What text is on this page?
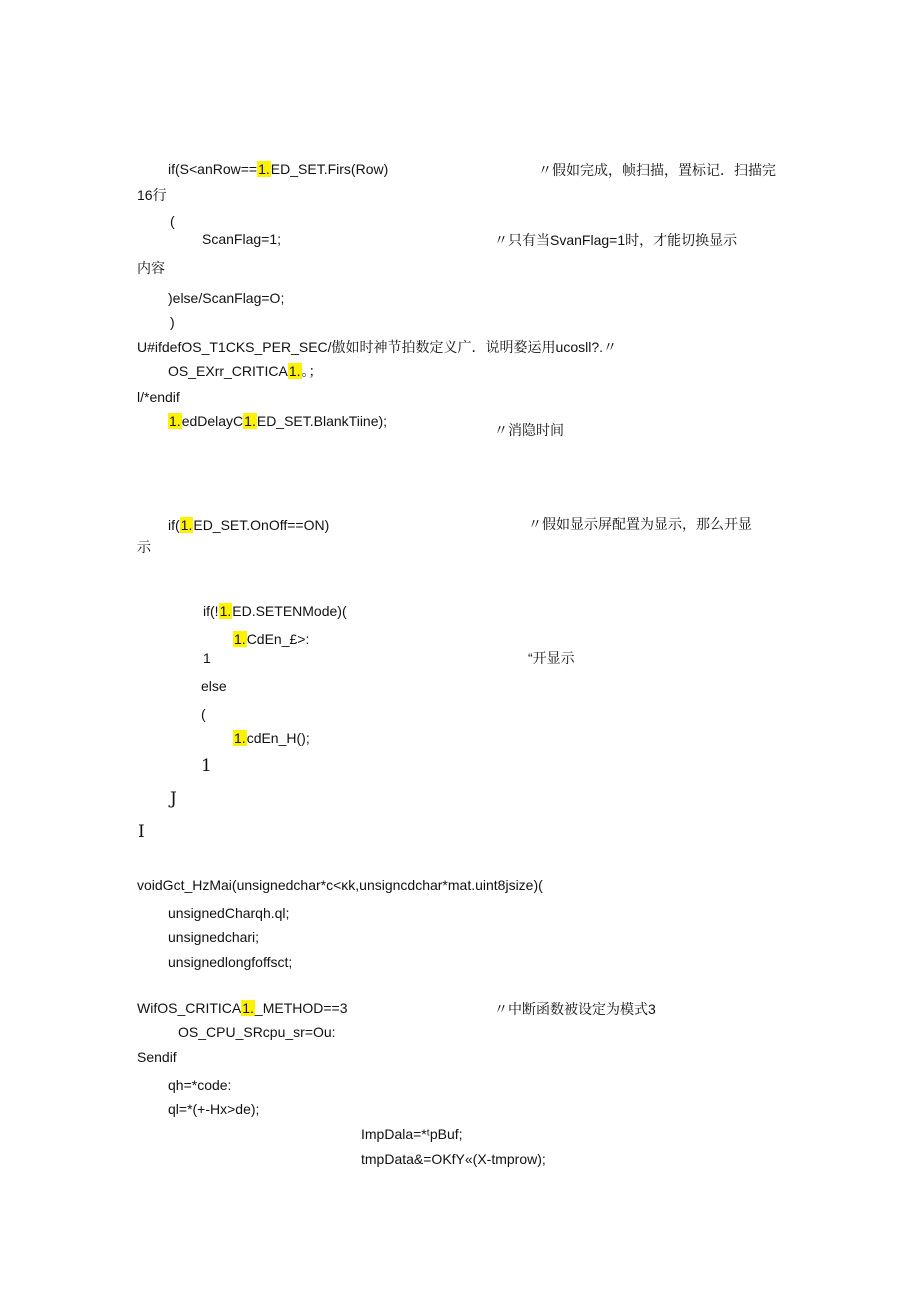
if(S<anRow==1.ED_SET.Firs(Row)	〃假如完成，帧扫描，置标记．扫描完
16行
(
ScanFlag=1;	〃只有当SvanFlag=1时，才能切换显示
内容
)else/ScanFlag=O;
)
U#ifdefOS_T1CKS_PER_SEC/傲如时神节拍数定义广．说明婺运用ucosll?.〃
OS_EXrr_CRITICA1.。；
l/*endif
1.edDelayC1.ED_SET.BlankTiine);
〃消隐时间
if(1.ED_SET.OnOff==ON)	〃假如显示屏配置为显示，那么开显
示
if(!1.ED.SETENMode)(
1.CdEn_£>:
1	“开显示
else
(
1.cdEn_H();
1
J
I
voidGct_HzMai(unsignedchar*c<κk,unsigncdchar*mat.uint8jsize)(
unsignedCharqh.ql;
unsignedchari;
unsignedlongfoffsct;
WifOS_CRITICA1._METHOD==3	〃中断函数被设定为模式3
OS_CPU_SRcpu_sr=Ou:
Sendif
qh=*code:
ql=*(+-Hx>de);
ImpDala=*ᵗpBuf;
tmpData&=OKfY«(X-tmprow);
